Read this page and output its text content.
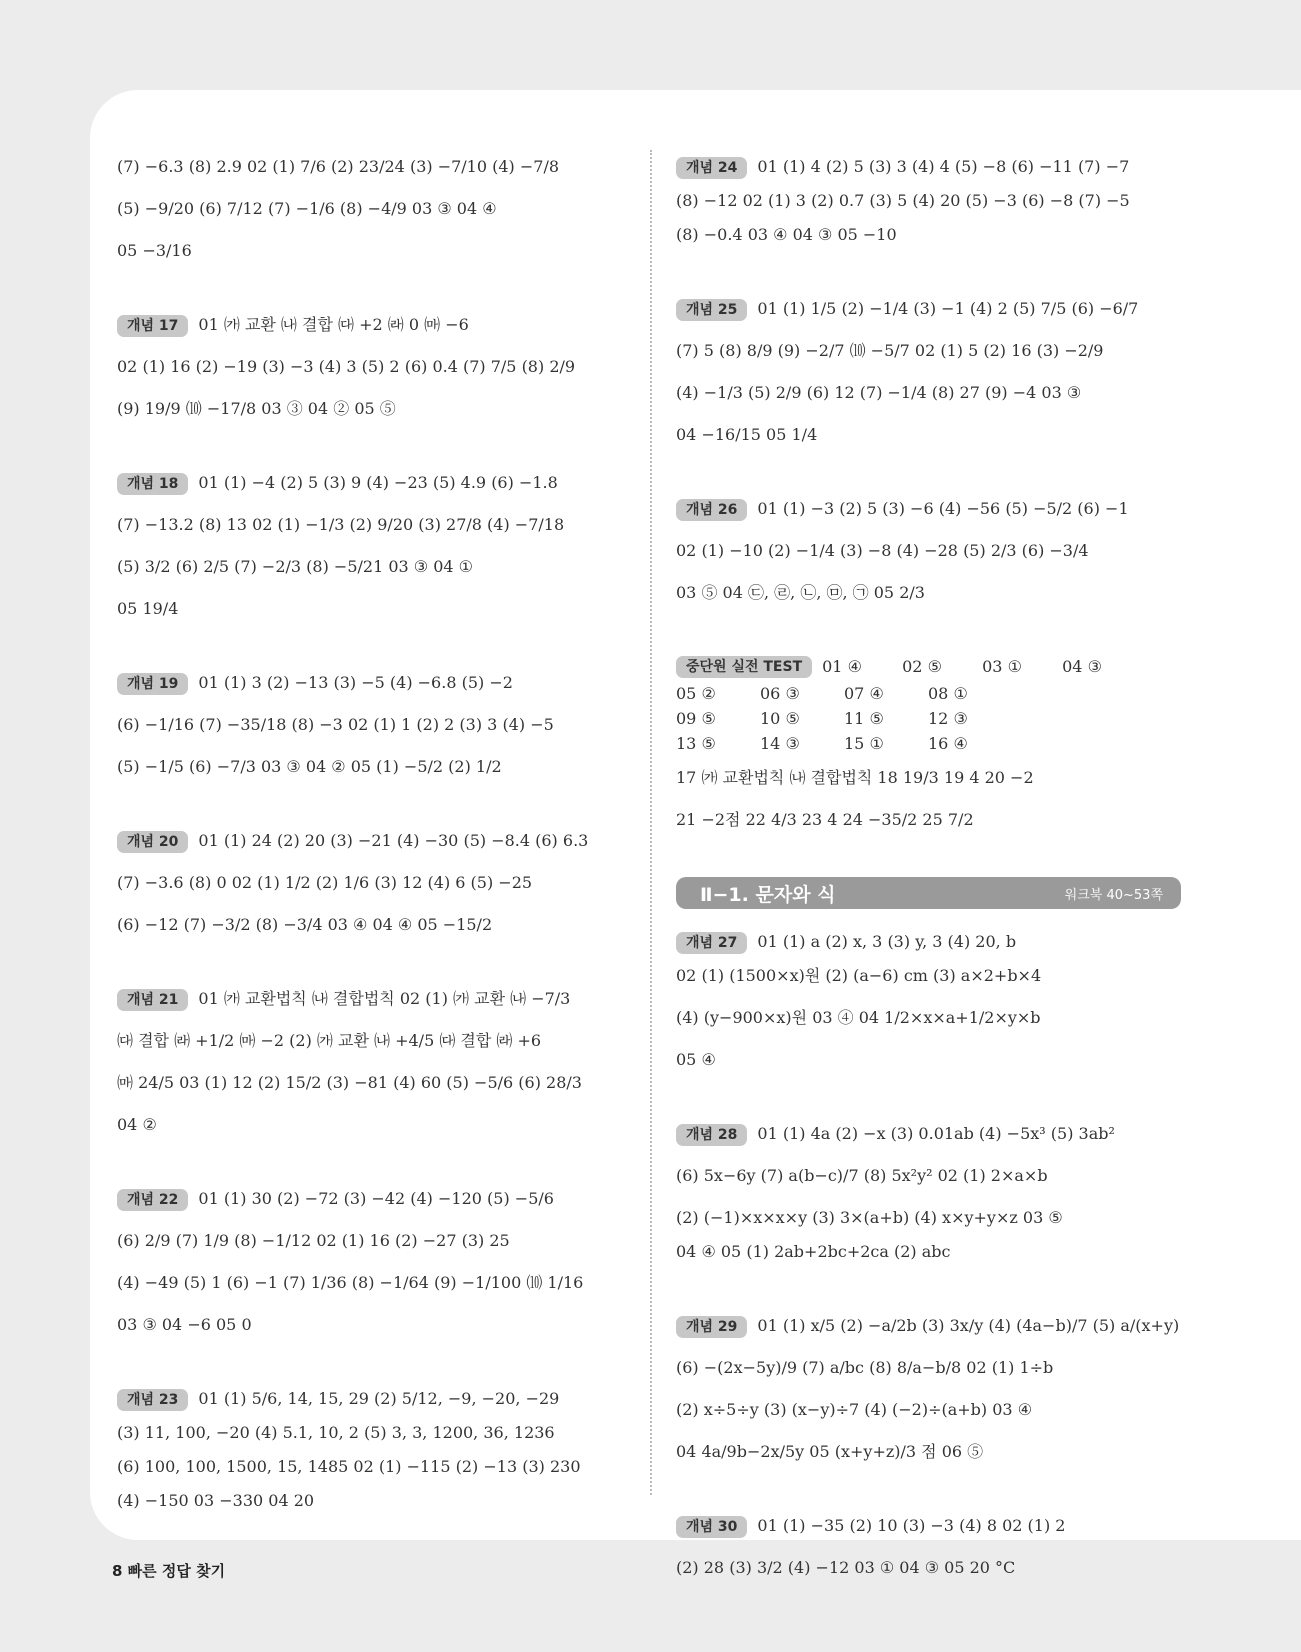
(7) −6.3 (8) 2.9 02 (1) 7/6 (2) 23/24 (3) −7/10 (4) −7/8
(5) −9/20 (6) 7/12 (7) −1/6 (8) −4/9 03 ③ 04 ④
05 −3/16
개념 17 01 ㈎ 교환 ㈏ 결합 ㈐ +2 ㈑ 0 ㈒ −6
02 (1) 16 (2) −19 (3) −3 (4) 3 (5) 2 (6) 0.4 (7) 7/5 (8) 2/9
(9) 19/9 ⑽ −17/8 03 ③ 04 ② 05 ⑤
개념 18 01 (1) −4 (2) 5 (3) 9 (4) −23 (5) 4.9 (6) −1.8
(7) −13.2 (8) 13 02 (1) −1/3 (2) 9/20 (3) 27/8 (4) −7/18
(5) 3/2 (6) 2/5 (7) −2/3 (8) −5/21 03 ③ 04 ①
05 19/4
개념 19 01 (1) 3 (2) −13 (3) −5 (4) −6.8 (5) −2
(6) −1/16 (7) −35/18 (8) −3 02 (1) 1 (2) 2 (3) 3 (4) −5
(5) −1/5 (6) −7/3 03 ③ 04 ② 05 (1) −5/2 (2) 1/2
개념 20 01 (1) 24 (2) 20 (3) −21 (4) −30 (5) −8.4 (6) 6.3
(7) −3.6 (8) 0 02 (1) 1/2 (2) 1/6 (3) 12 (4) 6 (5) −25
(6) −12 (7) −3/2 (8) −3/4 03 ④ 04 ④ 05 −15/2
개념 21 01 ㈎ 교환법칙 ㈏ 결합법칙 02 (1) ㈎ 교환 ㈏ −7/3
㈐ 결합 ㈑ +1/2 ㈒ −2 (2) ㈎ 교환 ㈏ +4/5 ㈐ 결합 ㈑ +6
㈒ 24/5 03 (1) 12 (2) 15/2 (3) −81 (4) 60 (5) −5/6 (6) 28/3
04 ②
개념 22 01 (1) 30 (2) −72 (3) −42 (4) −120 (5) −5/6
(6) 2/9 (7) 1/9 (8) −1/12 02 (1) 16 (2) −27 (3) 25
(4) −49 (5) 1 (6) −1 (7) 1/36 (8) −1/64 (9) −1/100 ⑽ 1/16
03 ③ 04 −6 05 0
개념 23 01 (1) 5/6, 14, 15, 29 (2) 5/12, −9, −20, −29
(3) 11, 100, −20 (4) 5.1, 10, 2 (5) 3, 3, 1200, 36, 1236
(6) 100, 100, 1500, 15, 1485 02 (1) −115 (2) −13 (3) 230
(4) −150 03 −330 04 20
개념 24 01 (1) 4 (2) 5 (3) 3 (4) 4 (5) −8 (6) −11 (7) −7
(8) −12 02 (1) 3 (2) 0.7 (3) 5 (4) 20 (5) −3 (6) −8 (7) −5
(8) −0.4 03 ④ 04 ③ 05 −10
개념 25 01 (1) 1/5 (2) −1/4 (3) −1 (4) 2 (5) 7/5 (6) −6/7
(7) 5 (8) 8/9 (9) −2/7 ⑽ −5/7 02 (1) 5 (2) 16 (3) −2/9
(4) −1/3 (5) 2/9 (6) 12 (7) −1/4 (8) 27 (9) −4 03 ③
04 −16/15 05 1/4
개념 26 01 (1) −3 (2) 5 (3) −6 (4) −56 (5) −5/2 (6) −1
02 (1) −10 (2) −1/4 (3) −8 (4) −28 (5) 2/3 (6) −3/4
03 ⑤ 04 ㉢, ㉣, ㉡, ㉤, ㉠ 05 2/3
중단원 실전 TEST	01 ④	02 ⑤	03 ①	04 ③
05 ②	06 ③	07 ④	08 ①
09 ⑤	10 ⑤	11 ⑤	12 ③
13 ⑤	14 ③	15 ①	16 ④
17 ㈎ 교환법칙 ㈏ 결합법칙 18 19/3 19 4 20 −2
21 −2점 22 4/3 23 4 24 −35/2 25 7/2
Ⅱ−1. 문자와 식	워크북 40~53쪽
개념 27 01 (1) a (2) x, 3 (3) y, 3 (4) 20, b
02 (1) (1500×x)원 (2) (a−6) cm (3) a×2+b×4
(4) (y−900×x)원 03 ④ 04 1/2×x×a+1/2×y×b
05 ④
개념 28 01 (1) 4a (2) −x (3) 0.01ab (4) −5x³ (5) 3ab²
(6) 5x−6y (7) a(b−c)/7 (8) 5x²y² 02 (1) 2×a×b
(2) (−1)×x×x×y (3) 3×(a+b) (4) x×y+y×z 03 ⑤
04 ④ 05 (1) 2ab+2bc+2ca (2) abc
개념 29 01 (1) x/5 (2) −a/2b (3) 3x/y (4) (4a−b)/7 (5) a/(x+y)
(6) −(2x−5y)/9 (7) a/bc (8) 8/a−b/8 02 (1) 1÷b
(2) x÷5÷y (3) (x−y)÷7 (4) (−2)÷(a+b) 03 ④
04 4a/9b−2x/5y 05 (x+y+z)/3 점 06 ⑤
개념 30 01 (1) −35 (2) 10 (3) −3 (4) 8 02 (1) 2
(2) 28 (3) 3/2 (4) −12 03 ① 04 ③ 05 20 °C
8 빠른 정답 찾기
